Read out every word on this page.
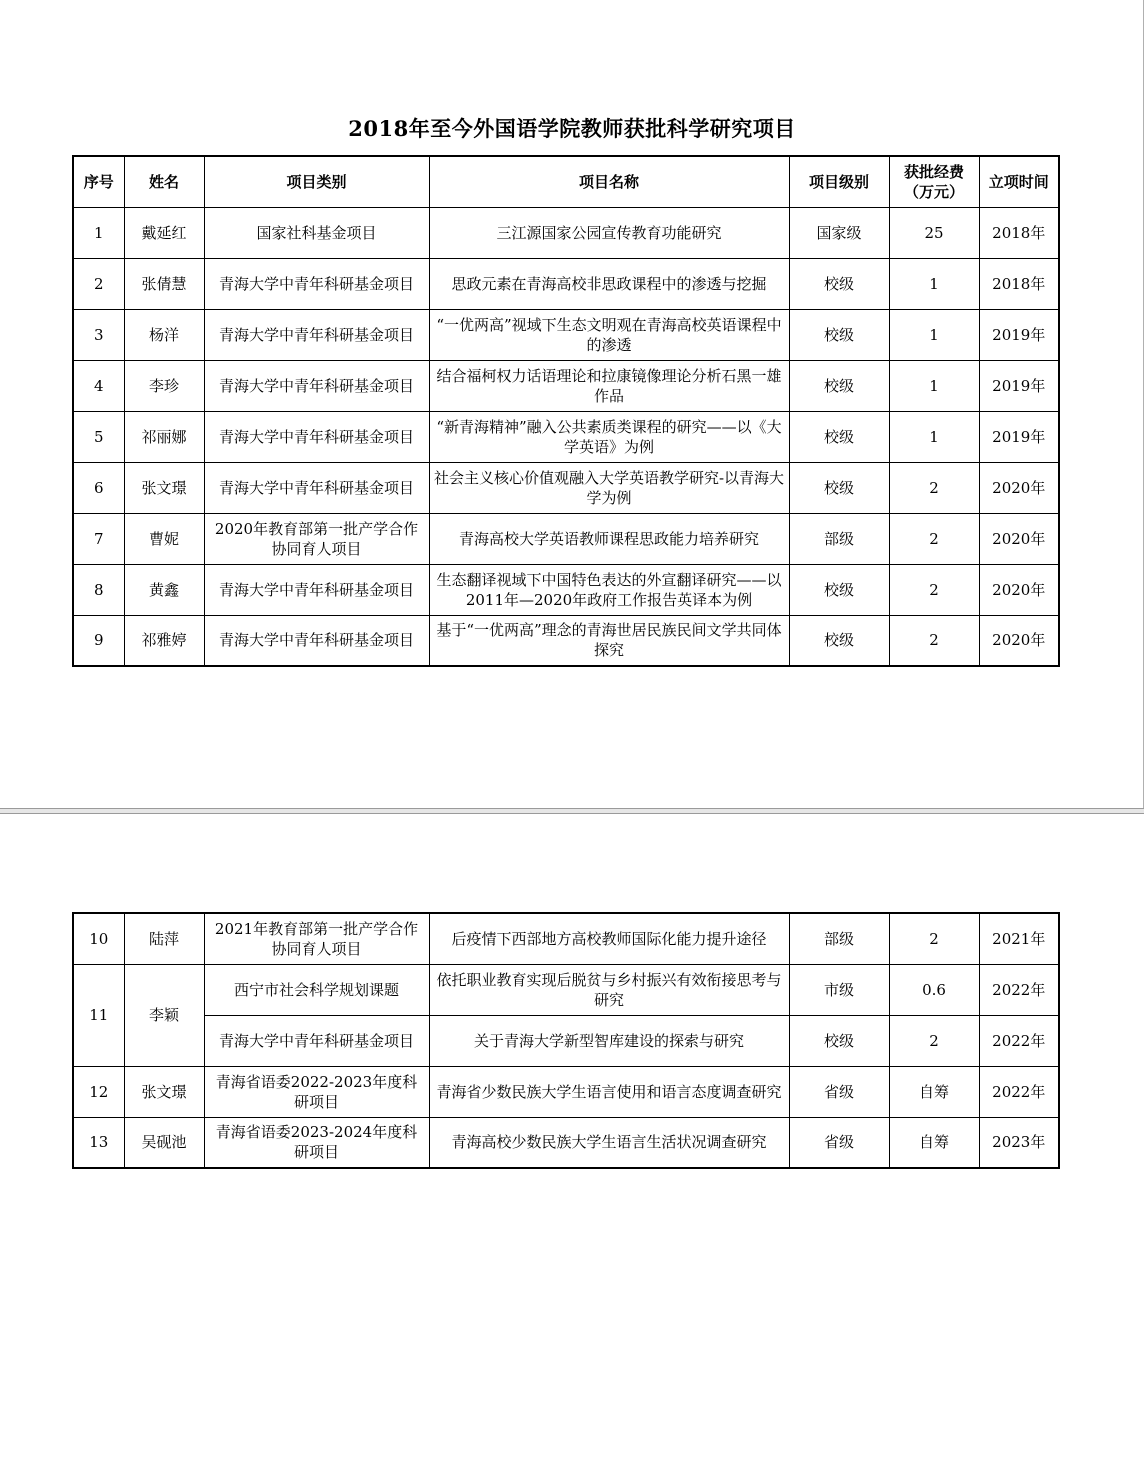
2018年至今外国语学院教师获批科学研究项目
序号	姓名	项目类别	项目名称	项目级别	获批经费（万元）	立项时间
1	戴延红	国家社科基金项目	三江源国家公园宣传教育功能研究	国家级	25	2018年
2	张倩慧	青海大学中青年科研基金项目	思政元素在青海高校非思政课程中的渗透与挖掘	校级	1	2018年
3	杨洋	青海大学中青年科研基金项目	“一优两高”视域下生态文明观在青海高校英语课程中的渗透	校级	1	2019年
4	李珍	青海大学中青年科研基金项目	结合福柯权力话语理论和拉康镜像理论分析石黑一雄作品	校级	1	2019年
5	祁丽娜	青海大学中青年科研基金项目	“新青海精神”融入公共素质类课程的研究——以《大学英语》为例	校级	1	2019年
6	张文璟	青海大学中青年科研基金项目	社会主义核心价值观融入大学英语教学研究-以青海大学为例	校级	2	2020年
7	曹妮	2020年教育部第一批产学合作协同育人项目	青海高校大学英语教师课程思政能力培养研究	部级	2	2020年
8	黄鑫	青海大学中青年科研基金项目	生态翻译视域下中国特色表达的外宣翻译研究——以2011年—2020年政府工作报告英译本为例	校级	2	2020年
9	祁雅婷	青海大学中青年科研基金项目	基于“一优两高”理念的青海世居民族民间文学共同体探究	校级	2	2020年
10	陆萍	2021年教育部第一批产学合作协同育人项目	后疫情下西部地方高校教师国际化能力提升途径	部级	2	2021年
11	李颖	西宁市社会科学规划课题	依托职业教育实现后脱贫与乡村振兴有效衔接思考与研究	市级	0.6	2022年
		青海大学中青年科研基金项目	关于青海大学新型智库建设的探索与研究	校级	2	2022年
12	张文璟	青海省语委2022-2023年度科研项目	青海省少数民族大学生语言使用和语言态度调查研究	省级	自筹	2022年
13	吴砚池	青海省语委2023-2024年度科研项目	青海高校少数民族大学生语言生活状况调查研究	省级	自筹	2023年
